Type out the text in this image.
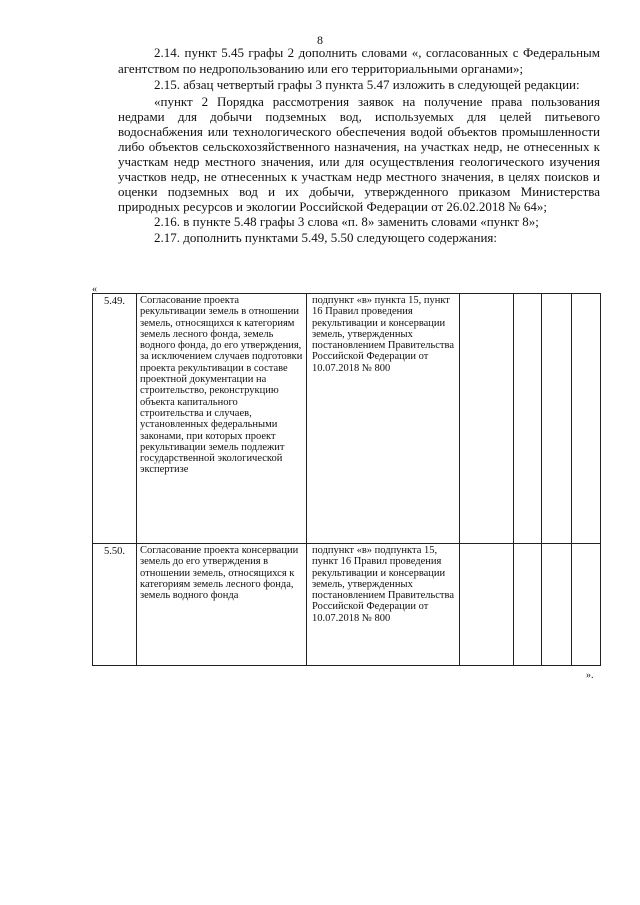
8

2.14. пункт 5.45 графы 2 дополнить словами «, согласованных с Федеральным агентством по недропользованию или его территориальными органами»;

2.15. абзац четвертый графы 3 пункта 5.47 изложить в следующей редакции:

«пункт 2 Порядка рассмотрения заявок на получение права пользования недрами для добычи подземных вод, используемых для целей питьевого водоснабжения или технологического обеспечения водой объектов промышленности либо объектов сельскохозяйственного назначения, на участках недр, не отнесенных к участкам недр местного значения, или для осуществления геологического изучения участков недр, не отнесенных к участкам недр местного значения, в целях поисков и оценки подземных вод и их добычи, утвержденного приказом Министерства природных ресурсов и экологии Российской Федерации от 26.02.2018 № 64»;

2.16. в пункте 5.48 графы 3 слова «п. 8» заменить словами «пункт 8»;

2.17. дополнить пунктами 5.49, 5.50 следующего содержания:

«
5.49.	Согласование проекта рекультивации земель в отношении земель, относящихся к категориям земель лесного фонда, земель водного фонда, до его утверждения, за исключением случаев подготовки проекта рекультивации в составе проектной документации на строительство, реконструкцию объекта капитального строительства и случаев, установленных федеральными законами, при которых проект рекультивации земель подлежит государственной экологической экспертизе	подпункт «в» пункта 15, пункт 16 Правил проведения рекультивации и консервации земель, утвержденных постановлением Правительства Российской Федерации от 10.07.2018 № 800				
5.50.	Согласование проекта консервации земель до его утверждения в отношении земель, относящихся к категориям земель лесного фонда, земель водного фонда	подпункт «в» подпункта 15, пункт 16 Правил проведения рекультивации и консервации земель, утвержденных постановлением Правительства Российской Федерации от 10.07.2018 № 800				
».
